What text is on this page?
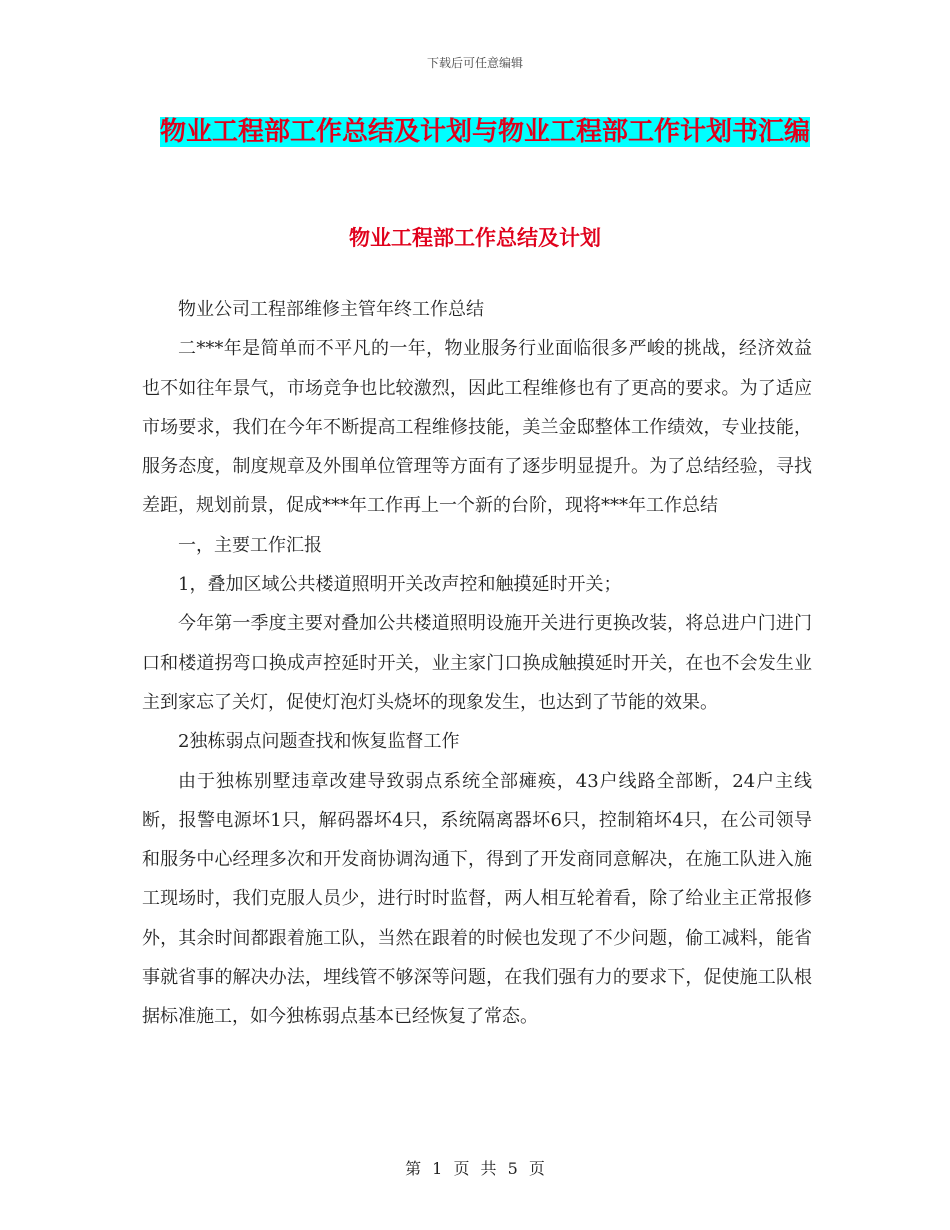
下载后可任意编辑
物业工程部工作总结及计划与物业工程部工作计划书汇编
物业工程部工作总结及计划

物业公司工程部维修主管年终工作总结

二***年是简单而不平凡的一年，物业服务行业面临很多严峻的挑战，经济效益也不如往年景气，市场竞争也比较激烈，因此工程维修也有了更高的要求。为了适应市场要求，我们在今年不断提高工程维修技能，美兰金邸整体工作绩效，专业技能，服务态度，制度规章及外围单位管理等方面有了逐步明显提升。为了总结经验，寻找差距，规划前景，促成***年工作再上一个新的台阶，现将***年工作总结

一，主要工作汇报

1，叠加区域公共楼道照明开关改声控和触摸延时开关；

今年第一季度主要对叠加公共楼道照明设施开关进行更换改装，将总进户门进门口和楼道拐弯口换成声控延时开关，业主家门口换成触摸延时开关，在也不会发生业主到家忘了关灯，促使灯泡灯头烧坏的现象发生，也达到了节能的效果。

2独栋弱点问题查找和恢复监督工作

由于独栋别墅违章改建导致弱点系统全部瘫痪，43户线路全部断，24户主线断，报警电源坏1只，解码器坏4只，系统隔离器坏6只，控制箱坏4只，在公司领导和服务中心经理多次和开发商协调沟通下，得到了开发商同意解决，在施工队进入施工现场时，我们克服人员少，进行时时监督，两人相互轮着看，除了给业主正常报修外，其余时间都跟着施工队，当然在跟着的时候也发现了不少问题，偷工减料，能省事就省事的解决办法，埋线管不够深等问题，在我们强有力的要求下，促使施工队根据标准施工，如今独栋弱点基本已经恢复了常态。

第 1 页 共 5 页
